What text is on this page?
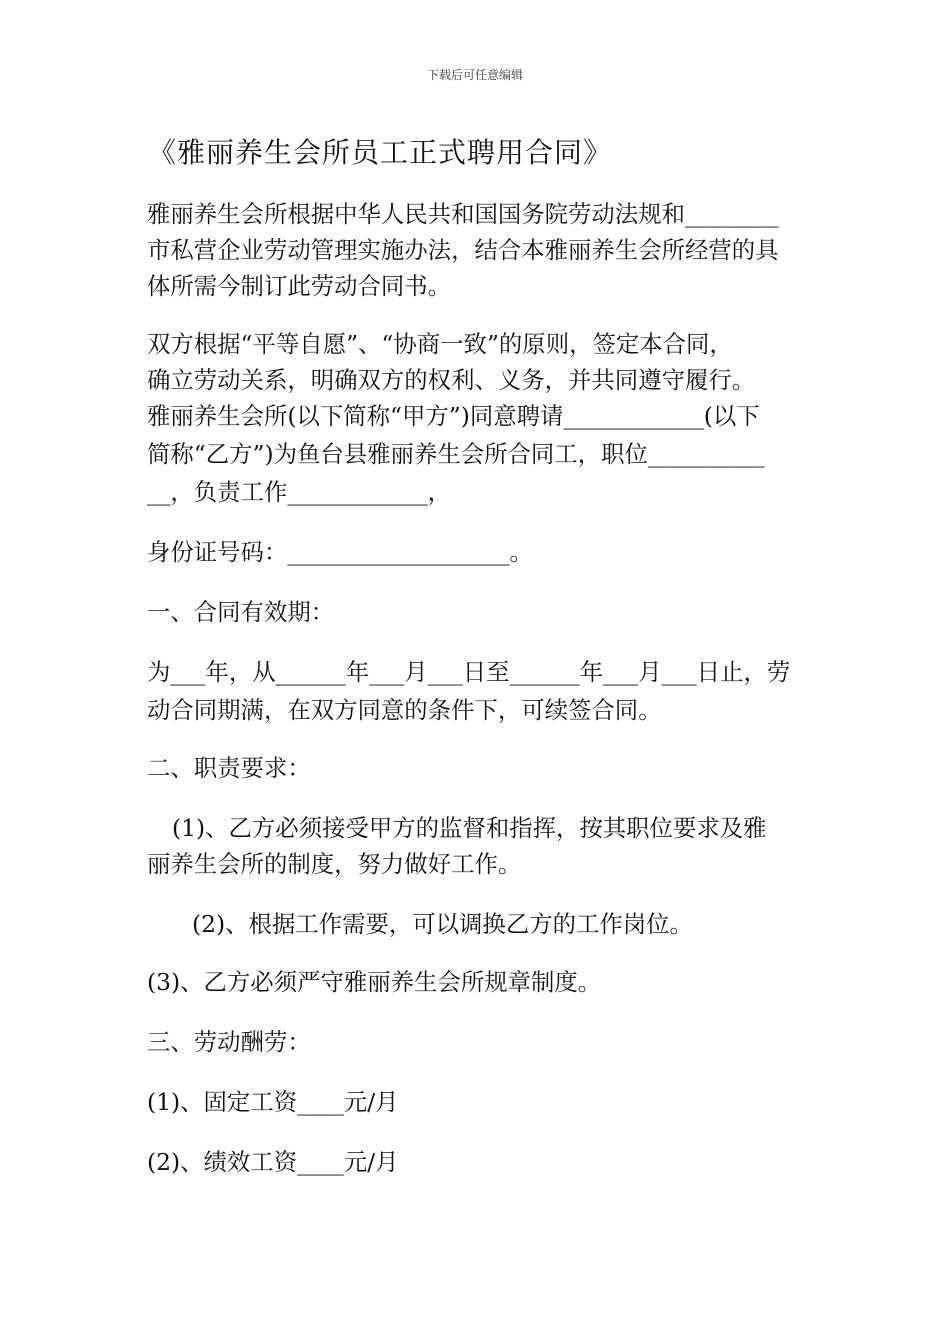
下载后可任意编辑
《雅丽养生会所员工正式聘用合同》
雅丽养生会所根据中华人民共和国国务院劳动法规和________
市私营企业劳动管理实施办法，结合本雅丽养生会所经营的具
体所需今制订此劳动合同书。
双方根据“平等自愿”、“协商一致”的原则，签定本合同，
确立劳动关系，明确双方的权利、义务，并共同遵守履行。
雅丽养生会所(以下简称“甲方”)同意聘请____________(以下
简称“乙方”)为鱼台县雅丽养生会所合同工，职位__________
__，负责工作____________，
身份证号码：___________________。
一、合同有效期：
为___年，从______年___月___日至______年___月___日止，劳
动合同期满，在双方同意的条件下，可续签合同。
二、职责要求：
(1)、乙方必须接受甲方的监督和指挥，按其职位要求及雅
丽养生会所的制度，努力做好工作。
(2)、根据工作需要，可以调换乙方的工作岗位。
(3)、乙方必须严守雅丽养生会所规章制度。
三、劳动酬劳：
(1)、固定工资____元/月
(2)、绩效工资____元/月
